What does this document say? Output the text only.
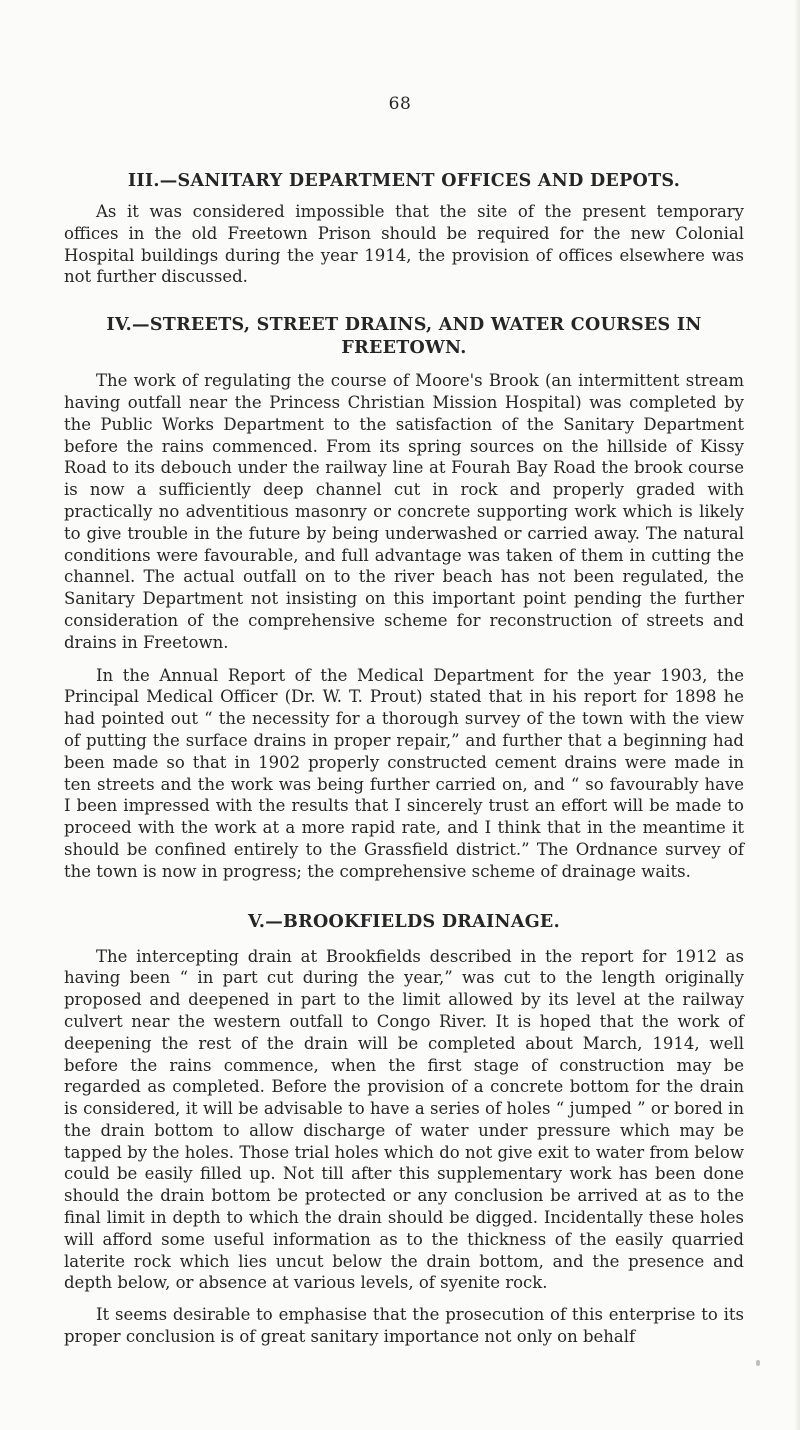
68
III.—SANITARY DEPARTMENT OFFICES AND DEPOTS.

As it was considered impossible that the site of the present temporary offices in the old Freetown Prison should be required for the new Colonial Hospital buildings during the year 1914, the provision of offices elsewhere was not further discussed.

IV.—STREETS, STREET DRAINS, AND WATER COURSES IN FREETOWN.

The work of regulating the course of Moore's Brook (an intermittent stream having outfall near the Princess Christian Mission Hospital) was completed by the Public Works Department to the satisfaction of the Sanitary Department before the rains commenced. From its spring sources on the hillside of Kissy Road to its debouch under the railway line at Fourah Bay Road the brook course is now a sufficiently deep channel cut in rock and properly graded with practically no adventitious masonry or concrete supporting work which is likely to give trouble in the future by being underwashed or carried away. The natural conditions were favourable, and full advantage was taken of them in cutting the channel. The actual outfall on to the river beach has not been regulated, the Sanitary Department not insisting on this important point pending the further consideration of the comprehensive scheme for reconstruction of streets and drains in Freetown.

In the Annual Report of the Medical Department for the year 1903, the Principal Medical Officer (Dr. W. T. Prout) stated that in his report for 1898 he had pointed out “ the necessity for a thorough survey of the town with the view of putting the surface drains in proper repair,” and further that a beginning had been made so that in 1902 properly constructed cement drains were made in ten streets and the work was being further carried on, and “ so favourably have I been impressed with the results that I sincerely trust an effort will be made to proceed with the work at a more rapid rate, and I think that in the meantime it should be confined entirely to the Grassfield district.” The Ordnance survey of the town is now in progress; the comprehensive scheme of drainage waits.

V.—BROOKFIELDS DRAINAGE.

The intercepting drain at Brookfields described in the report for 1912 as having been “ in part cut during the year,” was cut to the length originally proposed and deepened in part to the limit allowed by its level at the railway culvert near the western outfall to Congo River. It is hoped that the work of deepening the rest of the drain will be completed about March, 1914, well before the rains commence, when the first stage of construction may be regarded as completed. Before the provision of a concrete bottom for the drain is considered, it will be advisable to have a series of holes “ jumped ” or bored in the drain bottom to allow discharge of water under pressure which may be tapped by the holes. Those trial holes which do not give exit to water from below could be easily filled up. Not till after this supplementary work has been done should the drain bottom be protected or any conclusion be arrived at as to the final limit in depth to which the drain should be digged. Incidentally these holes will afford some useful information as to the thickness of the easily quarried laterite rock which lies uncut below the drain bottom, and the presence and depth below, or absence at various levels, of syenite rock.

It seems desirable to emphasise that the prosecution of this enterprise to its proper conclusion is of great sanitary importance not only on behalf
